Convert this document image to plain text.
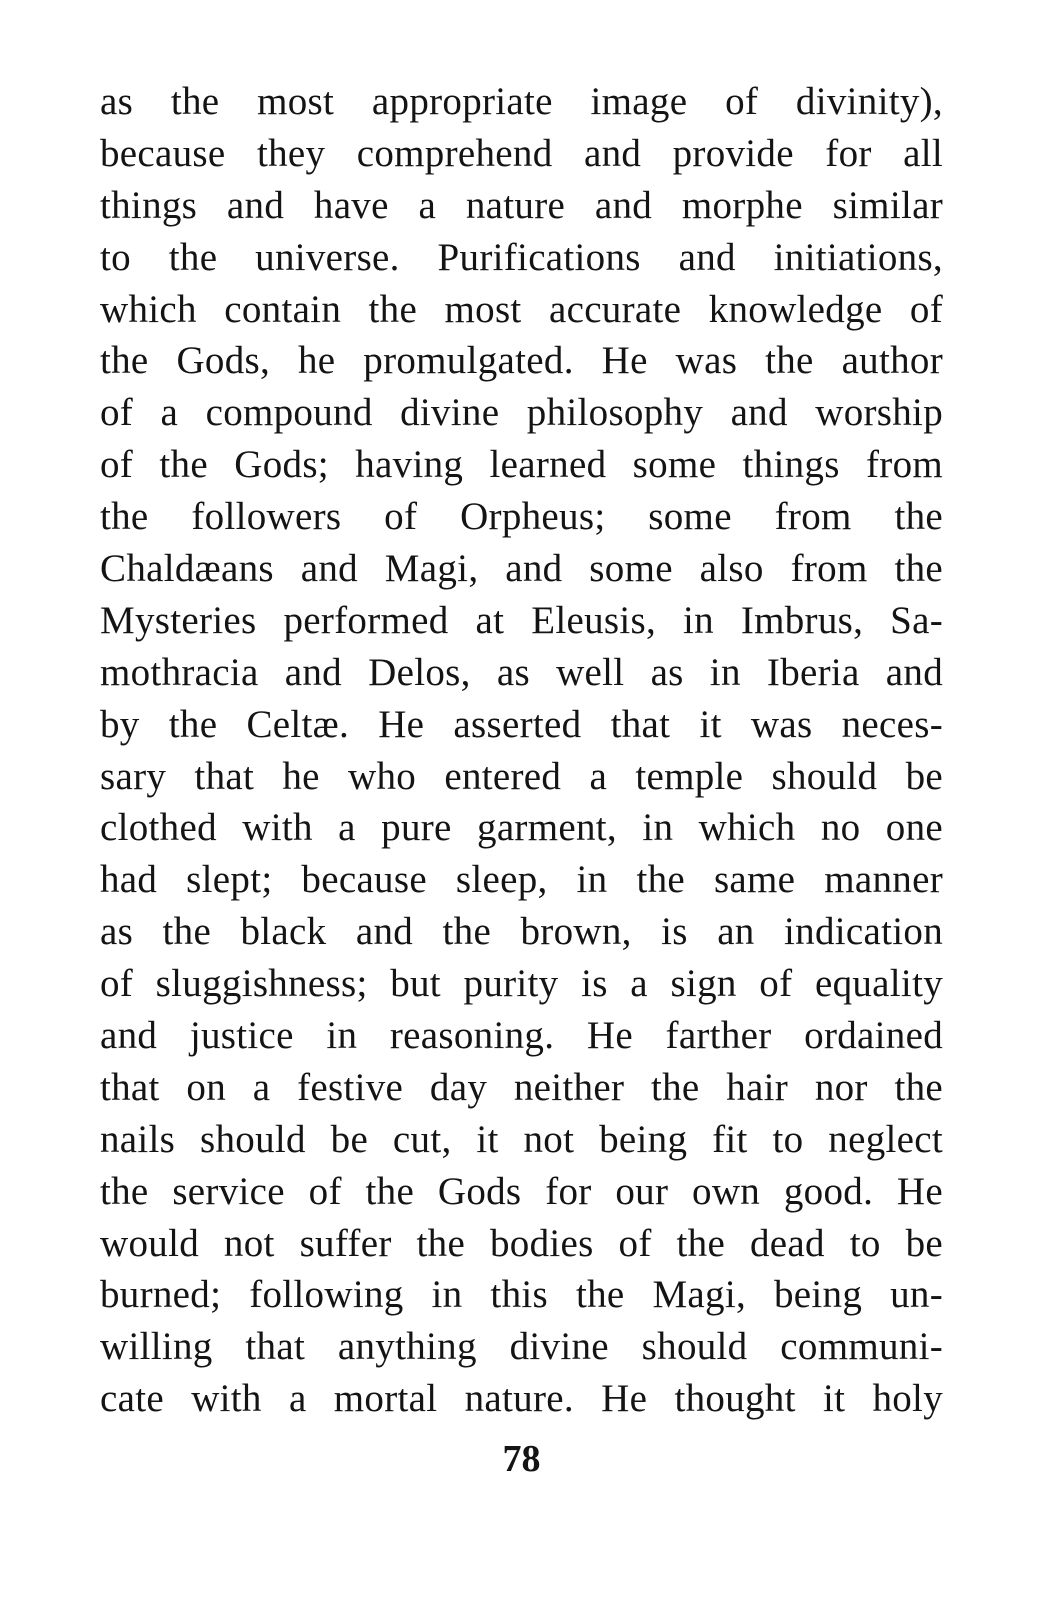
as the most appropriate image of divinity),
because they comprehend and provide for all
things and have a nature and morphe similar
to the universe. Purifications and initiations,
which contain the most accurate knowledge of
the Gods, he promulgated. He was the author
of a compound divine philosophy and worship
of the Gods; having learned some things from
the followers of Orpheus; some from the
Chaldæans and Magi, and some also from the
Mysteries performed at Eleusis, in Imbrus, Sa-
mothracia and Delos, as well as in Iberia and
by the Celtæ. He asserted that it was neces-
sary that he who entered a temple should be
clothed with a pure garment, in which no one
had slept; because sleep, in the same manner
as the black and the brown, is an indication
of sluggishness; but purity is a sign of equality
and justice in reasoning. He farther ordained
that on a festive day neither the hair nor the
nails should be cut, it not being fit to neglect
the service of the Gods for our own good. He
would not suffer the bodies of the dead to be
burned; following in this the Magi, being un-
willing that anything divine should communi-
cate with a mortal nature. He thought it holy
78
